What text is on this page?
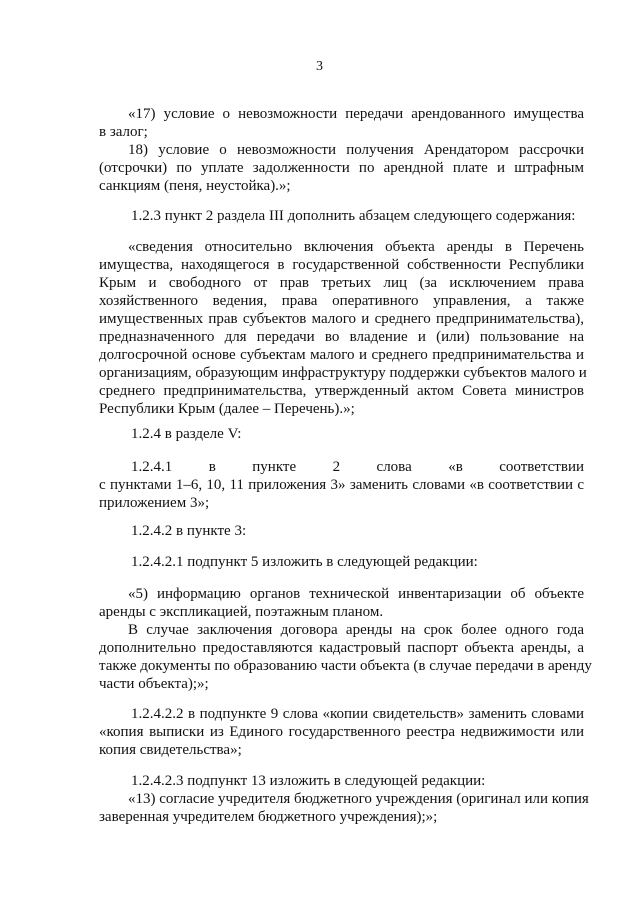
3

«17) условие о невозможности передачи арендованного имущества

в залог;

18) условие о невозможности получения Арендатором рассрочки

(отсрочки) по уплате задолженности по арендной плате и штрафным

санкциям (пеня, неустойка).»;

1.2.3 пункт 2 раздела III дополнить абзацем следующего содержания:

«сведения относительно включения объекта аренды в Перечень

имущества, находящегося в государственной собственности Республики

Крым и свободного от прав третьих лиц (за исключением права

хозяйственного ведения, права оперативного управления, а также

имущественных прав субъектов малого и среднего предпринимательства),

предназначенного для передачи во владение и (или) пользование на

долгосрочной основе субъектам малого и среднего предпринимательства и

организациям, образующим инфраструктуру поддержки субъектов малого и

среднего предпринимательства, утвержденный актом Совета министров

Республики Крым (далее – Перечень).»;

1.2.4 в разделе V:

1.2.4.1 в пункте 2 слова «в соответствии

с пунктами 1–6, 10, 11 приложения 3» заменить словами «в соответствии с

приложением 3»;

1.2.4.2 в пункте 3:

1.2.4.2.1 подпункт 5 изложить в следующей редакции:

«5) информацию органов технической инвентаризации об объекте

аренды с экспликацией, поэтажным планом.

В случае заключения договора аренды на срок более одного года

дополнительно предоставляются кадастровый паспорт объекта аренды, а

также документы по образованию части объекта (в случае передачи в аренду

части объекта);»;

1.2.4.2.2 в подпункте 9 слова «копии свидетельств» заменить словами

«копия выписки из Единого государственного реестра недвижимости или

копия свидетельства»;

1.2.4.2.3 подпункт 13 изложить в следующей редакции:

«13) согласие учредителя бюджетного учреждения (оригинал или копия

заверенная учредителем бюджетного учреждения);»;
